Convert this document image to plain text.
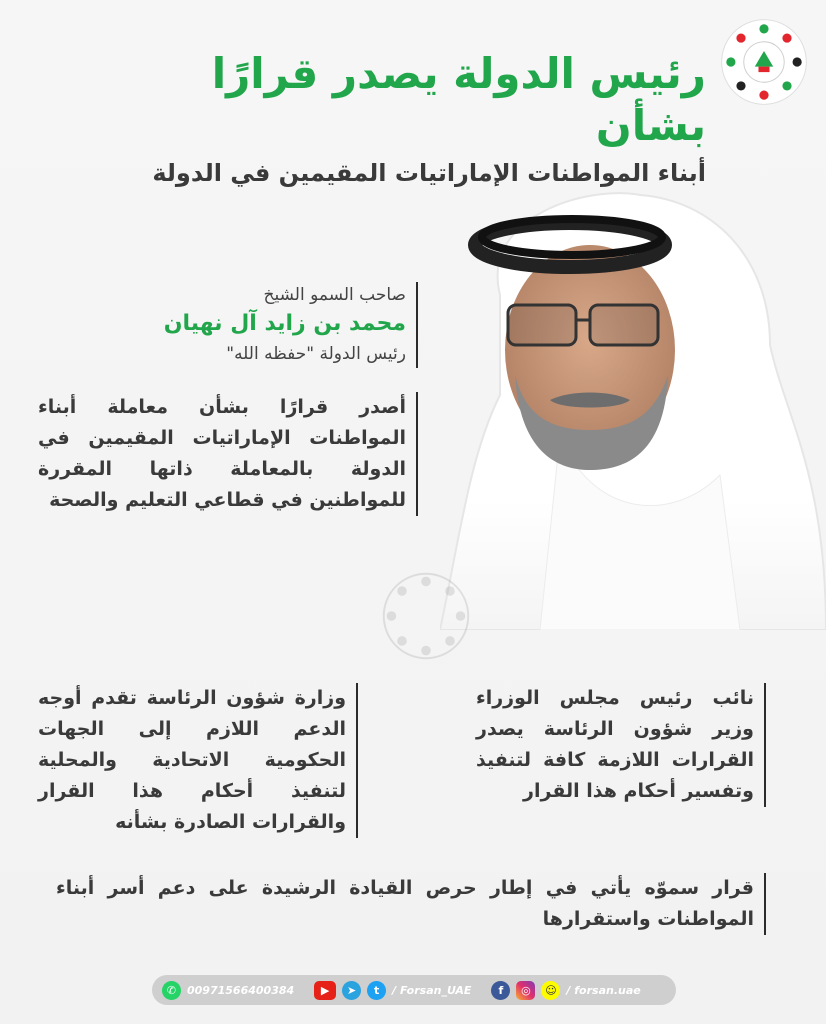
رئيس الدولة يصدر قرارًا بشأن
أبناء المواطنات الإماراتيات المقيمين في الدولة
صاحب السمو الشيخ
محمد بن زايد آل نهيان
رئيس الدولة "حفظه الله"
أصدر قرارًا بشأن معاملة أبناء المواطنات الإماراتيات المقيمين في الدولة بالمعاملة ذاتها المقررة للمواطنين في قطاعي التعليم والصحة
نائب رئيس مجلس الوزراء وزير شؤون الرئاسة يصدر القرارات اللازمة كافة لتنفيذ وتفسير أحكام هذا القرار
وزارة شؤون الرئاسة تقدم أوجه الدعم اللازم إلى الجهات الحكومية الاتحادية والمحلية لتنفيذ أحكام هذا القرار والقرارات الصادرة بشأنه
قرار سموّه يأتي في إطار حرص القيادة الرشيدة على دعم أسر أبناء المواطنات واستقرارها
✆ 00971566400384	▶	➤	t	/ Forsan_UAE	f	◎	☺ / forsan.uae
